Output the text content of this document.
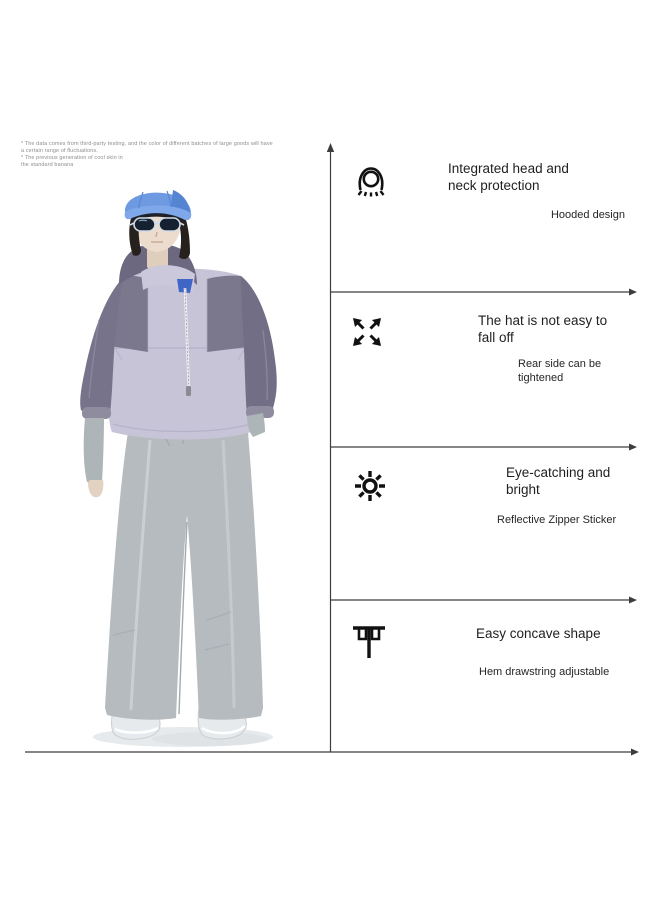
* The data comes from third-party testing, and the color of different batches of large goods will have
a certain range of fluctuations.
* The previous generation of cool skin in
the standard banana	Integrated head and neck protection
Hooded design
The hat is not easy to fall off
Rear side can be tightened
Eye-catching and bright
Reflective Zipper Sticker
Easy concave shape
Hem drawstring adjustable
